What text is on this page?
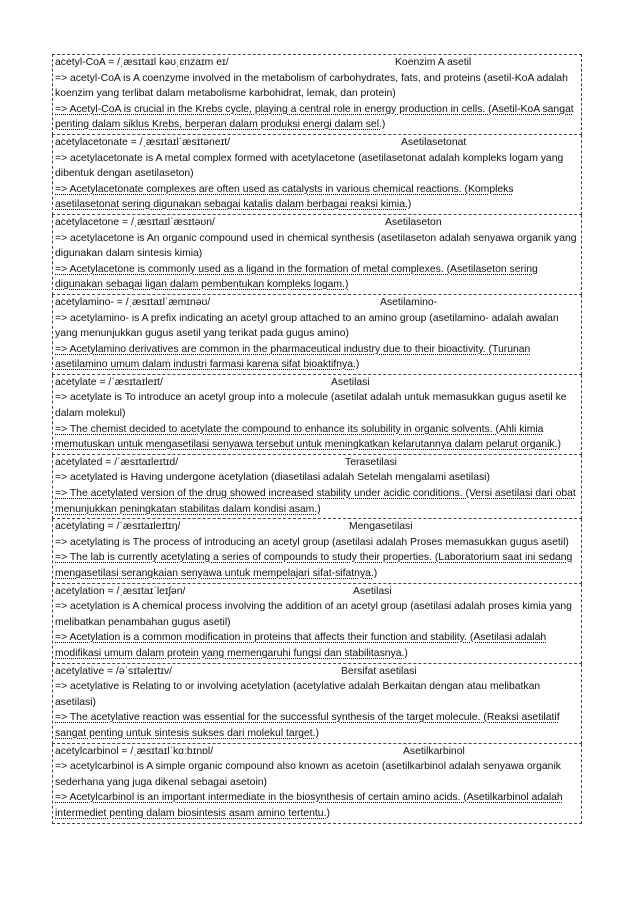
acetyl-CoA = /ˌæsɪtaɪl kəʊˌɛnzaɪm eɪ/	Koenzim A asetil
=> acetyl-CoA is A coenzyme involved in the metabolism of carbohydrates, fats, and proteins (asetil-KoA adalah koenzim yang terlibat dalam metabolisme karbohidrat, lemak, dan protein)
=> Acetyl-CoA is crucial in the Krebs cycle, playing a central role in energy production in cells. (Asetil-KoA sangat penting dalam siklus Krebs, berperan dalam produksi energi dalam sel.)
acetylacetonate = /ˌæsɪtaɪlˈæsɪtəneɪt/	Asetilasetonat
=> acetylacetonate is A metal complex formed with acetylacetone (asetilasetonat adalah kompleks logam yang dibentuk dengan asetilaseton)
=> Acetylacetonate complexes are often used as catalysts in various chemical reactions. (Kompleks asetilasetonat sering digunakan sebagai katalis dalam berbagai reaksi kimia.)
acetylacetone = /ˌæsɪtaɪlˈæsɪtəʊn/	Asetilaseton
=> acetylacetone is An organic compound used in chemical synthesis (asetilaseton adalah senyawa organik yang digunakan dalam sintesis kimia)
=> Acetylacetone is commonly used as a ligand in the formation of metal complexes. (Asetilaseton sering digunakan sebagai ligan dalam pembentukan kompleks logam.)
acetylamino- = /ˌæsɪtaɪlˈæmɪnəʊ/	Asetilamino-
=> acetylamino- is A prefix indicating an acetyl group attached to an amino group (asetilamino- adalah awalan yang menunjukkan gugus asetil yang terikat pada gugus amino)
=> Acetylamino derivatives are common in the pharmaceutical industry due to their bioactivity. (Turunan asetilamino umum dalam industri farmasi karena sifat bioaktifnya.)
acetylate = /ˈæsɪtaɪleɪt/	Asetilasi
=> acetylate is To introduce an acetyl group into a molecule (asetilat adalah untuk memasukkan gugus asetil ke dalam molekul)
=> The chemist decided to acetylate the compound to enhance its solubility in organic solvents. (Ahli kimia memutuskan untuk mengasetilasi senyawa tersebut untuk meningkatkan kelarutannya dalam pelarut organik.)
acetylated = /ˈæsɪtaɪleɪtɪd/	Terasetilasi
=> acetylated is Having undergone acetylation (diasetilasi adalah Setelah mengalami asetilasi)
=> The acetylated version of the drug showed increased stability under acidic conditions. (Versi asetilasi dari obat menunjukkan peningkatan stabilitas dalam kondisi asam.)
acetylating = /ˈæsɪtaɪleɪtɪŋ/	Mengasetilasi
=> acetylating is The process of introducing an acetyl group (asetilasi adalah Proses memasukkan gugus asetil)
=> The lab is currently acetylating a series of compounds to study their properties. (Laboratorium saat ini sedang mengasetilasi serangkaian senyawa untuk mempelajari sifat-sifatnya.)
acetylation = /ˌæsɪtaɪˈleɪʃən/	Asetilasi
=> acetylation is A chemical process involving the addition of an acetyl group (asetilasi adalah proses kimia yang melibatkan penambahan gugus asetil)
=> Acetylation is a common modification in proteins that affects their function and stability. (Asetilasi adalah modifikasi umum dalam protein yang memengaruhi fungsi dan stabilitasnya.)
acetylative = /əˈsɪtəleɪtɪv/	Bersifat asetilasi
=> acetylative is Relating to or involving acetylation (acetylative adalah Berkaitan dengan atau melibatkan asetilasi)
=> The acetylative reaction was essential for the successful synthesis of the target molecule. (Reaksi asetilatif sangat penting untuk sintesis sukses dari molekul target.)
acetylcarbinol = /ˌæsɪtaɪlˈkɑːbɪnɒl/	Asetilkarbinol
=> acetylcarbinol is A simple organic compound also known as acetoin (asetilkarbinol adalah senyawa organik sederhana yang juga dikenal sebagai asetoin)
=> Acetylcarbinol is an important intermediate in the biosynthesis of certain amino acids. (Asetilkarbinol adalah intermediet penting dalam biosintesis asam amino tertentu.)
